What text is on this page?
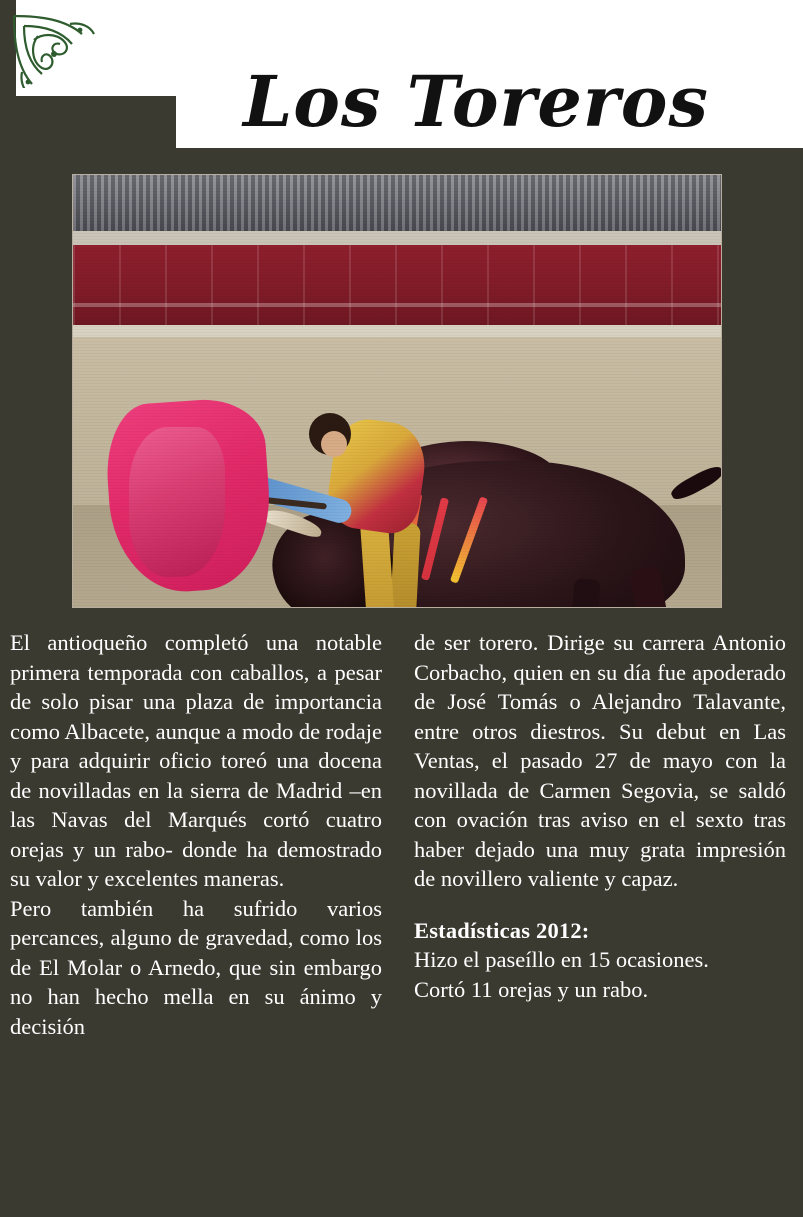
Los Toreros

El antioqueño completó una notable primera temporada con caballos, a pesar de solo pisar una plaza de importancia como Albacete, aunque a modo de rodaje y para adquirir oficio toreó una docena de novilladas en la sierra de Madrid –en las Navas del Marqués cortó cuatro orejas y un rabo- donde ha demostrado su valor y excelentes maneras.

Pero también ha sufrido varios percances, alguno de gravedad, como los de El Molar o Arnedo, que sin embargo no han hecho mella en su ánimo y decisión

de ser torero. Dirige su carrera Antonio Corbacho, quien en su día fue apoderado de José Tomás o Alejandro Talavante, entre otros diestros. Su debut en Las Ventas, el pasado 27 de mayo con la novillada de Carmen Segovia, se saldó con ovación tras aviso en el sexto tras haber dejado una muy grata impresión de novillero valiente y capaz.

Estadísticas 2012:
Hizo el paseíllo en 15 ocasiones.
Cortó 11 orejas y un rabo.
